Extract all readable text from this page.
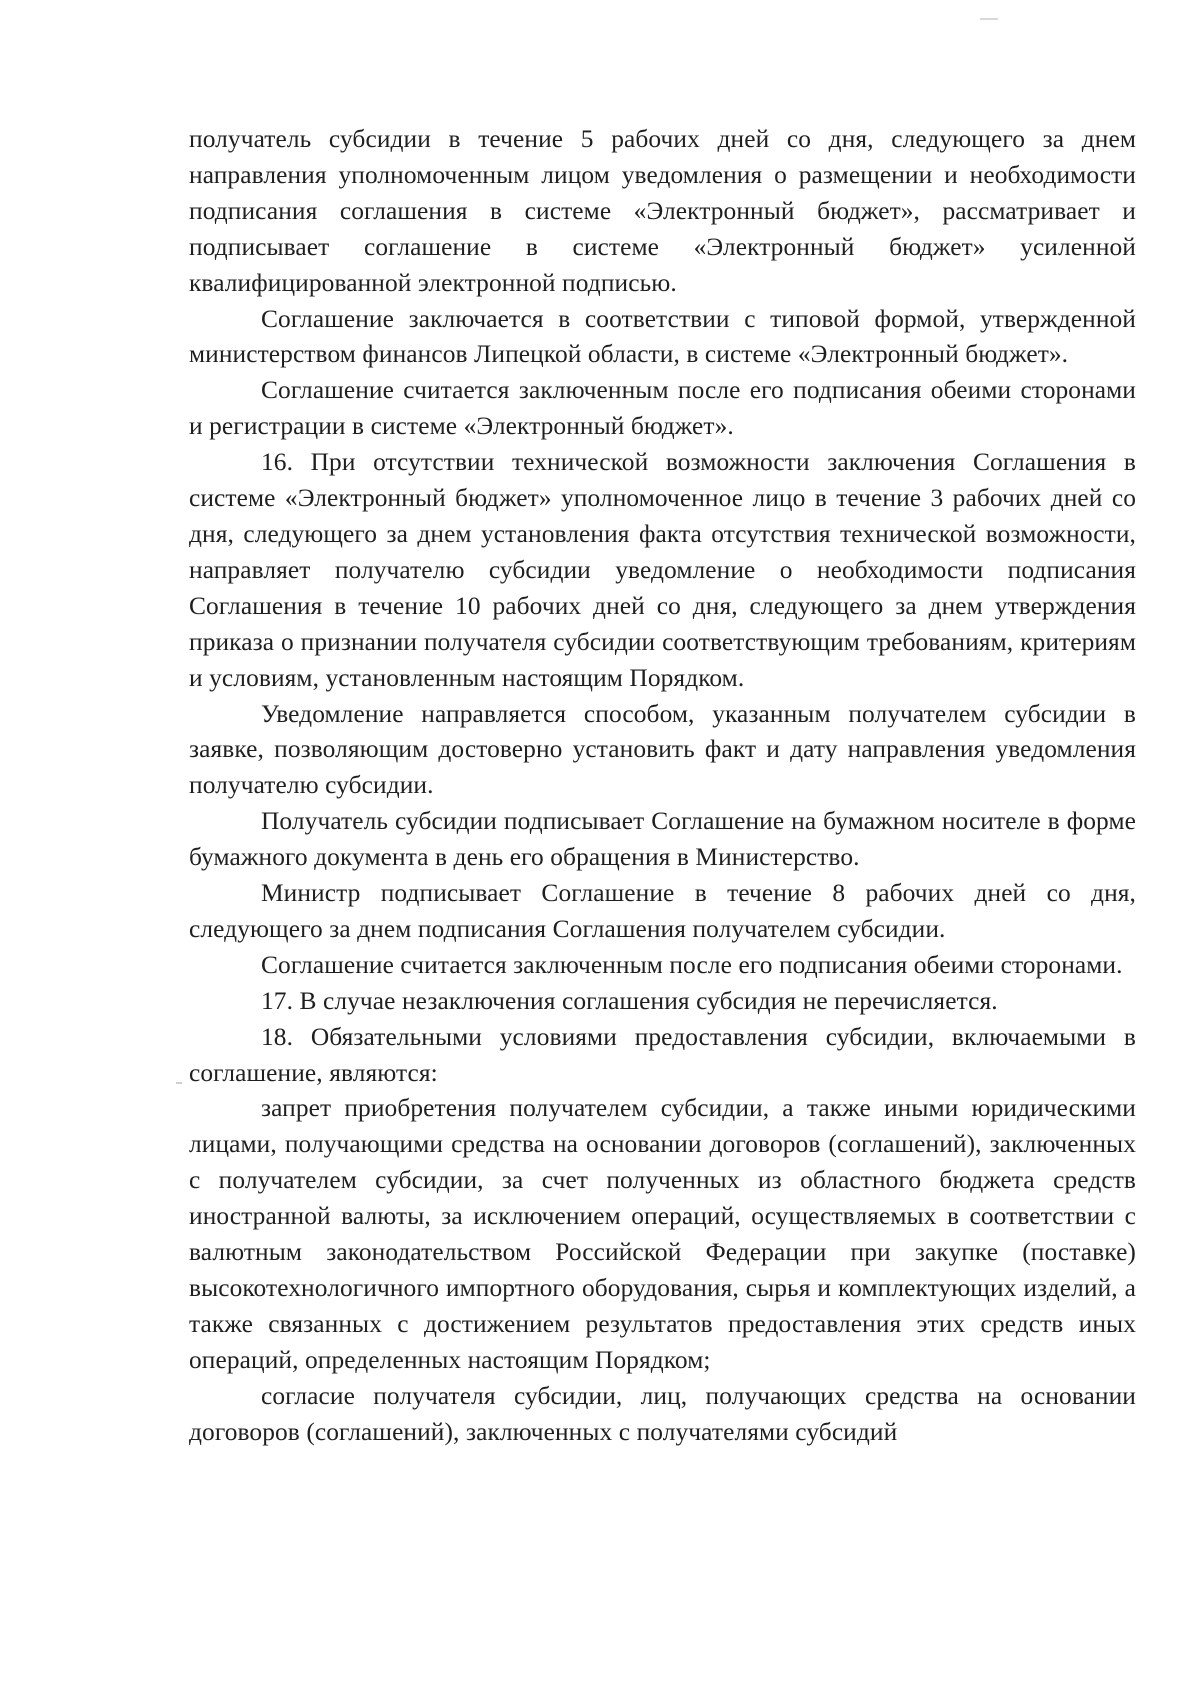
получатель субсидии в течение 5 рабочих дней со дня, следующего за днем направления уполномоченным лицом уведомления о размещении и необходимости подписания соглашения в системе «Электронный бюджет», рассматривает и подписывает соглашение в системе «Электронный бюджет» усиленной квалифицированной электронной подписью.

Соглашение заключается в соответствии с типовой формой, утвержденной министерством финансов Липецкой области, в системе «Электронный бюджет».

Соглашение считается заключенным после его подписания обеими сторонами и регистрации в системе «Электронный бюджет».

16. При отсутствии технической возможности заключения Соглашения в системе «Электронный бюджет» уполномоченное лицо в течение 3 рабочих дней со дня, следующего за днем установления факта отсутствия технической возможности, направляет получателю субсидии уведомление о необходимости подписания Соглашения в течение 10 рабочих дней со дня, следующего за днем утверждения приказа о признании получателя субсидии соответствующим требованиям, критериям и условиям, установленным настоящим Порядком.

Уведомление направляется способом, указанным получателем субсидии в заявке, позволяющим достоверно установить факт и дату направления уведомления получателю субсидии.

Получатель субсидии подписывает Соглашение на бумажном носителе в форме бумажного документа в день его обращения в Министерство.

Министр подписывает Соглашение в течение 8 рабочих дней со дня, следующего за днем подписания Соглашения получателем субсидии.

Соглашение считается заключенным после его подписания обеими сторонами.

17. В случае незаключения соглашения субсидия не перечисляется.

18. Обязательными условиями предоставления субсидии, включаемыми в соглашение, являются:

запрет приобретения получателем субсидии, а также иными юридическими лицами, получающими средства на основании договоров (соглашений), заключенных с получателем субсидии, за счет полученных из областного бюджета средств иностранной валюты, за исключением операций, осуществляемых в соответствии с валютным законодательством Российской Федерации при закупке (поставке) высокотехнологичного импортного оборудования, сырья и комплектующих изделий, а также связанных с достижением результатов предоставления этих средств иных операций, определенных настоящим Порядком;

согласие получателя субсидии, лиц, получающих средства на основании договоров (соглашений), заключенных с получателями субсидий
